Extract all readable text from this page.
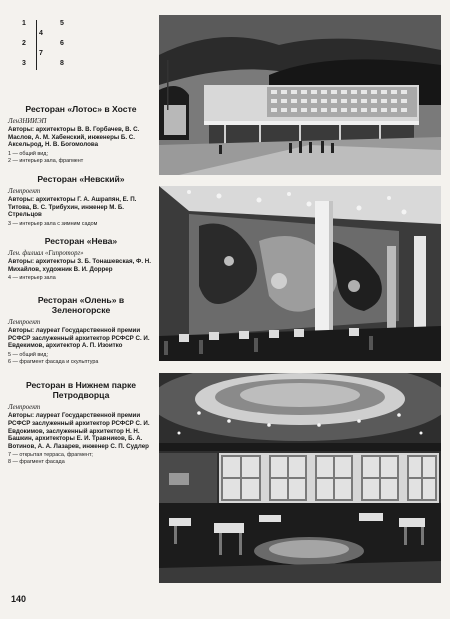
1
2
3
4
7
5
6
8
Ресторан «Лотос» в Хосте
ЛенЗНИИЭП
Авторы: архитекторы В. В. Горбачев, В. С. Маслов, А. М. Хабенский, инженеры Б. С. Аксельрод, Н. В. Богомолова
1 — общий вид;
2 — интерьер зала, фрагмент
Ресторан «Невский»
Ленпроект
Авторы: архитекторы Г. А. Ашрапян, Е. П. Титова, В. С. Трибухин, инженер М. Б. Стрельцов
3 — интерьер зала с зимним садом
Ресторан «Нева»
Лен. филиал «Гипроторг»
Авторы: архитекторы З. Б. Тонашевская, Ф. Н. Михайлов, художник В. И. Доррер
4 — интерьер зала
Ресторан «Олень» в Зеленогорске
Ленпроект
Авторы: лауреат Государственной премии РСФСР заслуженный архитектор РСФСР С. И. Евдекимов, архитектор А. П. Изоитко
5 — общий вид;
6 — фрагмент фасада и скульптура
Ресторан в Нижнем парке Петродворца
Ленпроект
Авторы: лауреат Государственной премии РСФСР заслуженный архитектор РСФСР С. И. Евдокимов, заслуженный архитектор Н. Н. Башкин, архитекторы Е. И. Травников, Б. А. Вотинов, А. А. Лазарев, инженер С. П. Судлер
7 — открытая терраса, фрагмент;
8 — фрагмент фасада
140
